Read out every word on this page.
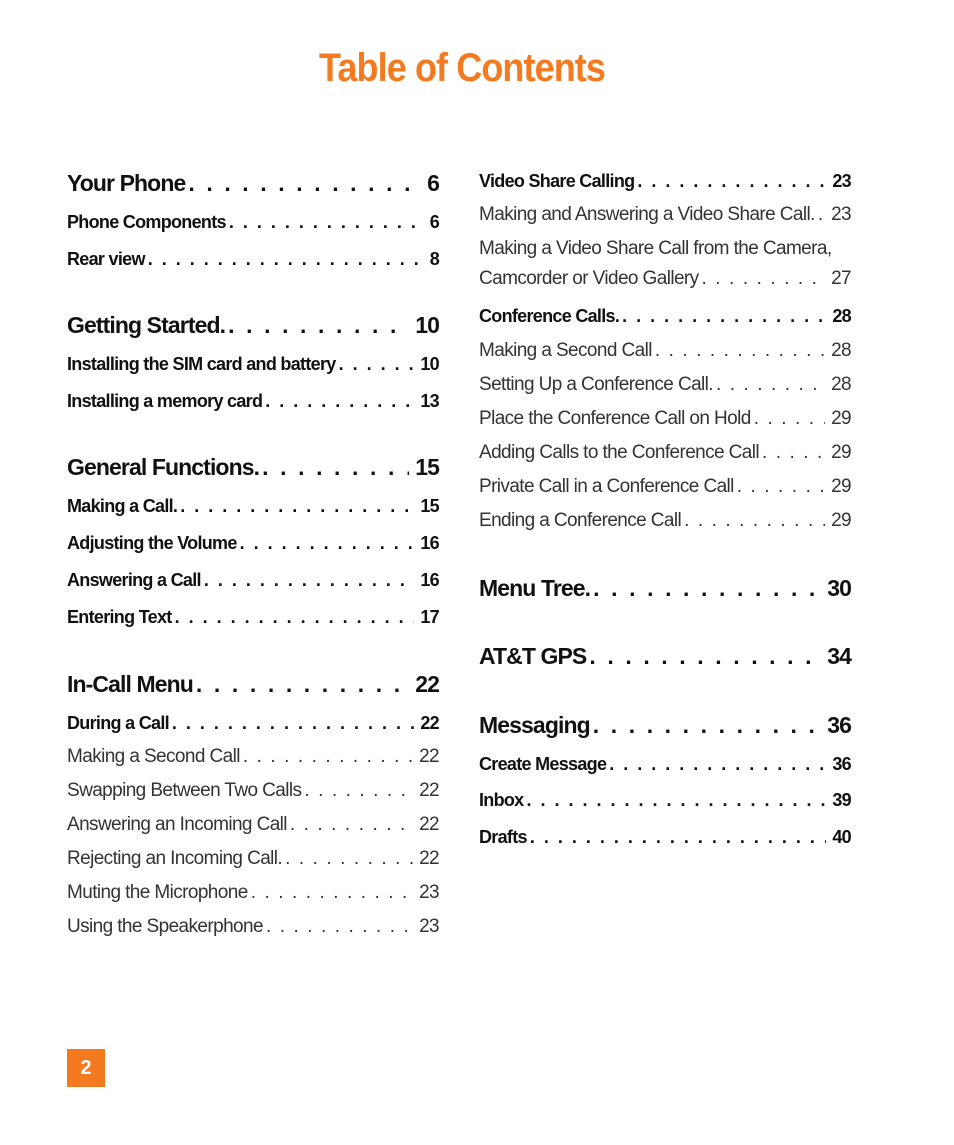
Table of Contents
Your Phone . . .	6
Phone Components . . .	6
Rear view . . .	8
Getting Started. . . .	10
Installing the SIM card and battery . . .	10
Installing a memory card . . .	13
General Functions. . . .	15
Making a Call. . . .	15
Adjusting the Volume . . .	16
Answering a Call . . .	16
Entering Text . . .	17
In-Call Menu . . .	22
During a Call . . .	22
Making a Second Call . . .	22
Swapping Between Two Calls . . .	22
Answering an Incoming Call . . .	22
Rejecting an Incoming Call. . . .	22
Muting the Microphone . . .	23
Using the Speakerphone . . .	23
Video Share Calling . . .	23
Making and Answering a Video Share Call. . . . 23
Making a Video Share Call from the Camera,
Camcorder or Video Gallery . . .	27
Conference Calls. . . .	28
Making a Second Call . . .	28
Setting Up a Conference Call. . . .	28
Place the Conference Call on Hold . . .	29
Adding Calls to the Conference Call . . .	29
Private Call in a Conference Call . . .	29
Ending a Conference Call . . .	29
Menu Tree. . . .	30
AT&T GPS . . .	34
Messaging . . .	36
Create Message . . .	36
Inbox . . .	39
Drafts . . .	40
2
